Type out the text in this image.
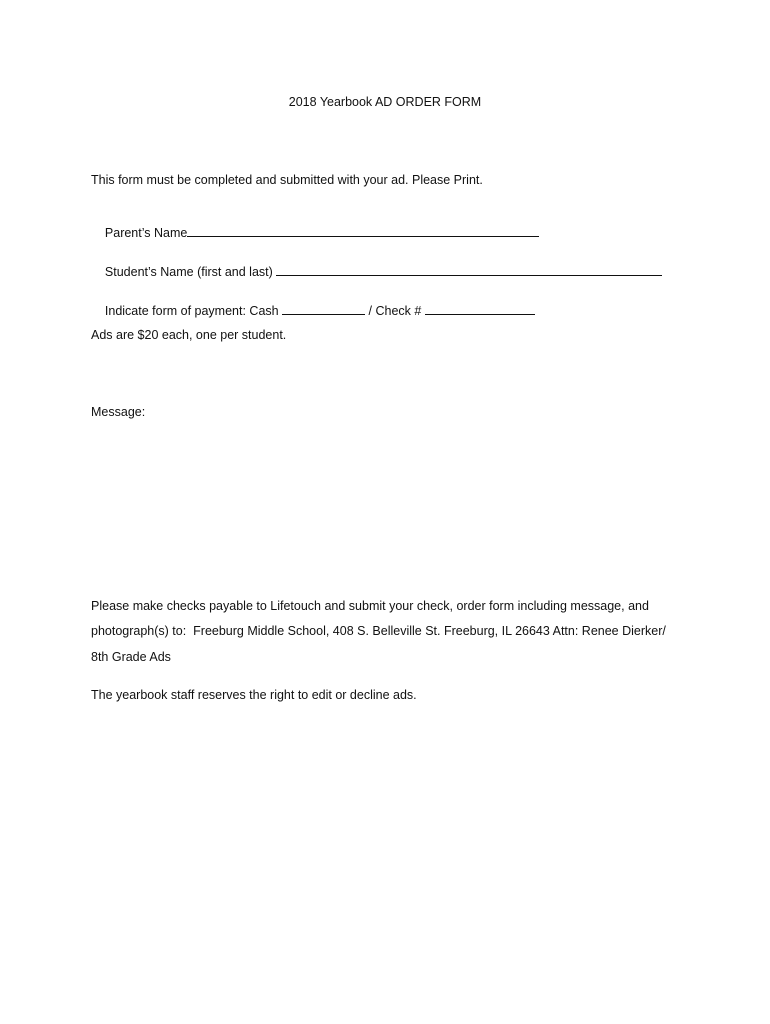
2018 Yearbook AD ORDER FORM
This form must be completed and submitted with your ad. Please Print.

Parent’s Name

Student’s Name (first and last)

Indicate form of payment: Cash	/ Check #

Ads are $20 each, one per student.
Message:
Please make checks payable to Lifetouch and submit your check, order form including message, and
photograph(s) to:  Freeburg Middle School, 408 S. Belleville St. Freeburg, IL 26643 Attn: Renee Dierker/
8th Grade Ads
The yearbook staff reserves the right to edit or decline ads.
